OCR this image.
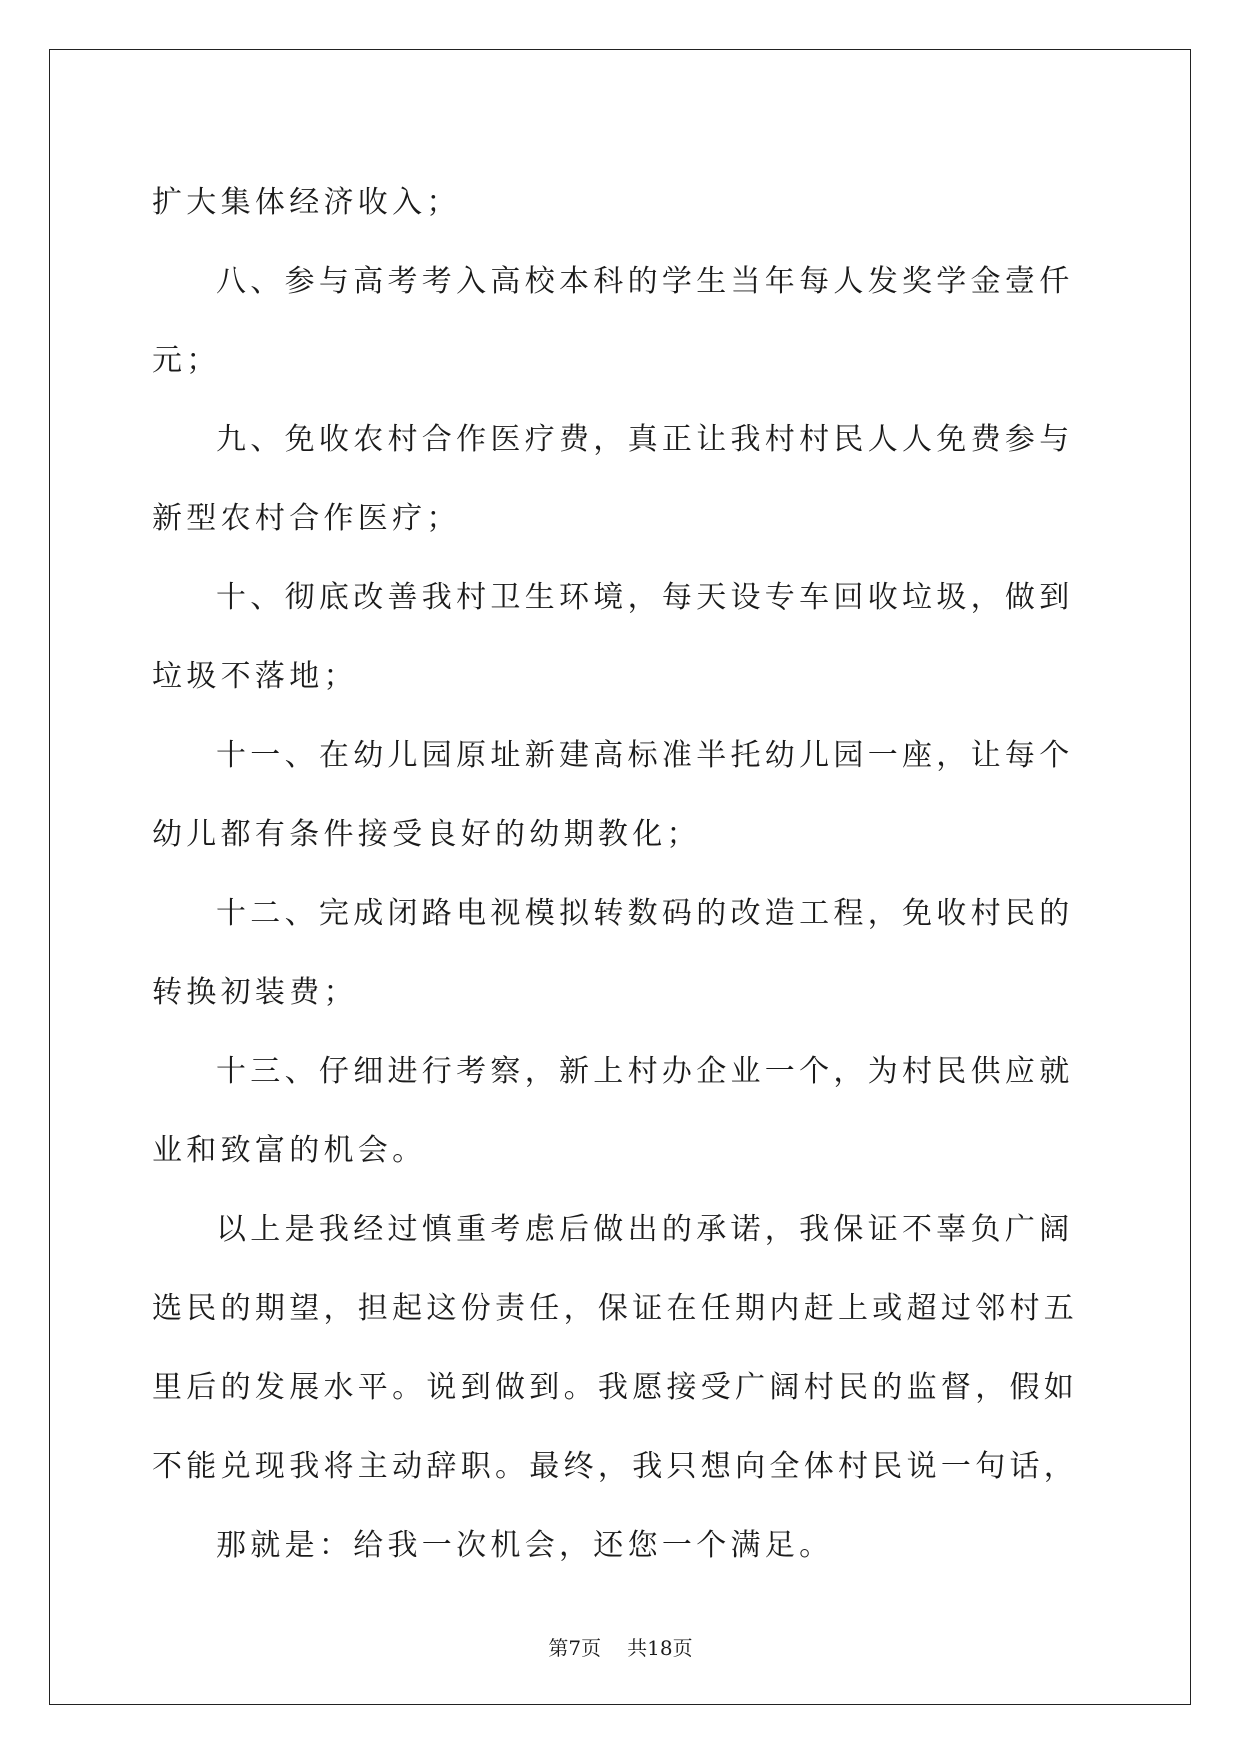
扩大集体经济收入；

八、参与高考考入高校本科的学生当年每人发奖学金壹仟元；

九、免收农村合作医疗费，真正让我村村民人人免费参与新型农村合作医疗；

十、彻底改善我村卫生环境，每天设专车回收垃圾，做到垃圾不落地；

十一、在幼儿园原址新建高标准半托幼儿园一座，让每个幼儿都有条件接受良好的幼期教化；

十二、完成闭路电视模拟转数码的改造工程，免收村民的转换初装费；

十三、仔细进行考察，新上村办企业一个，为村民供应就业和致富的机会。

以上是我经过慎重考虑后做出的承诺，我保证不辜负广阔选民的期望，担起这份责任，保证在任期内赶上或超过邻村五里后的发展水平。说到做到。我愿接受广阔村民的监督，假如不能兑现我将主动辞职。最终，我只想向全体村民说一句话，

那就是：给我一次机会，还您一个满足。

第7页 共18页
